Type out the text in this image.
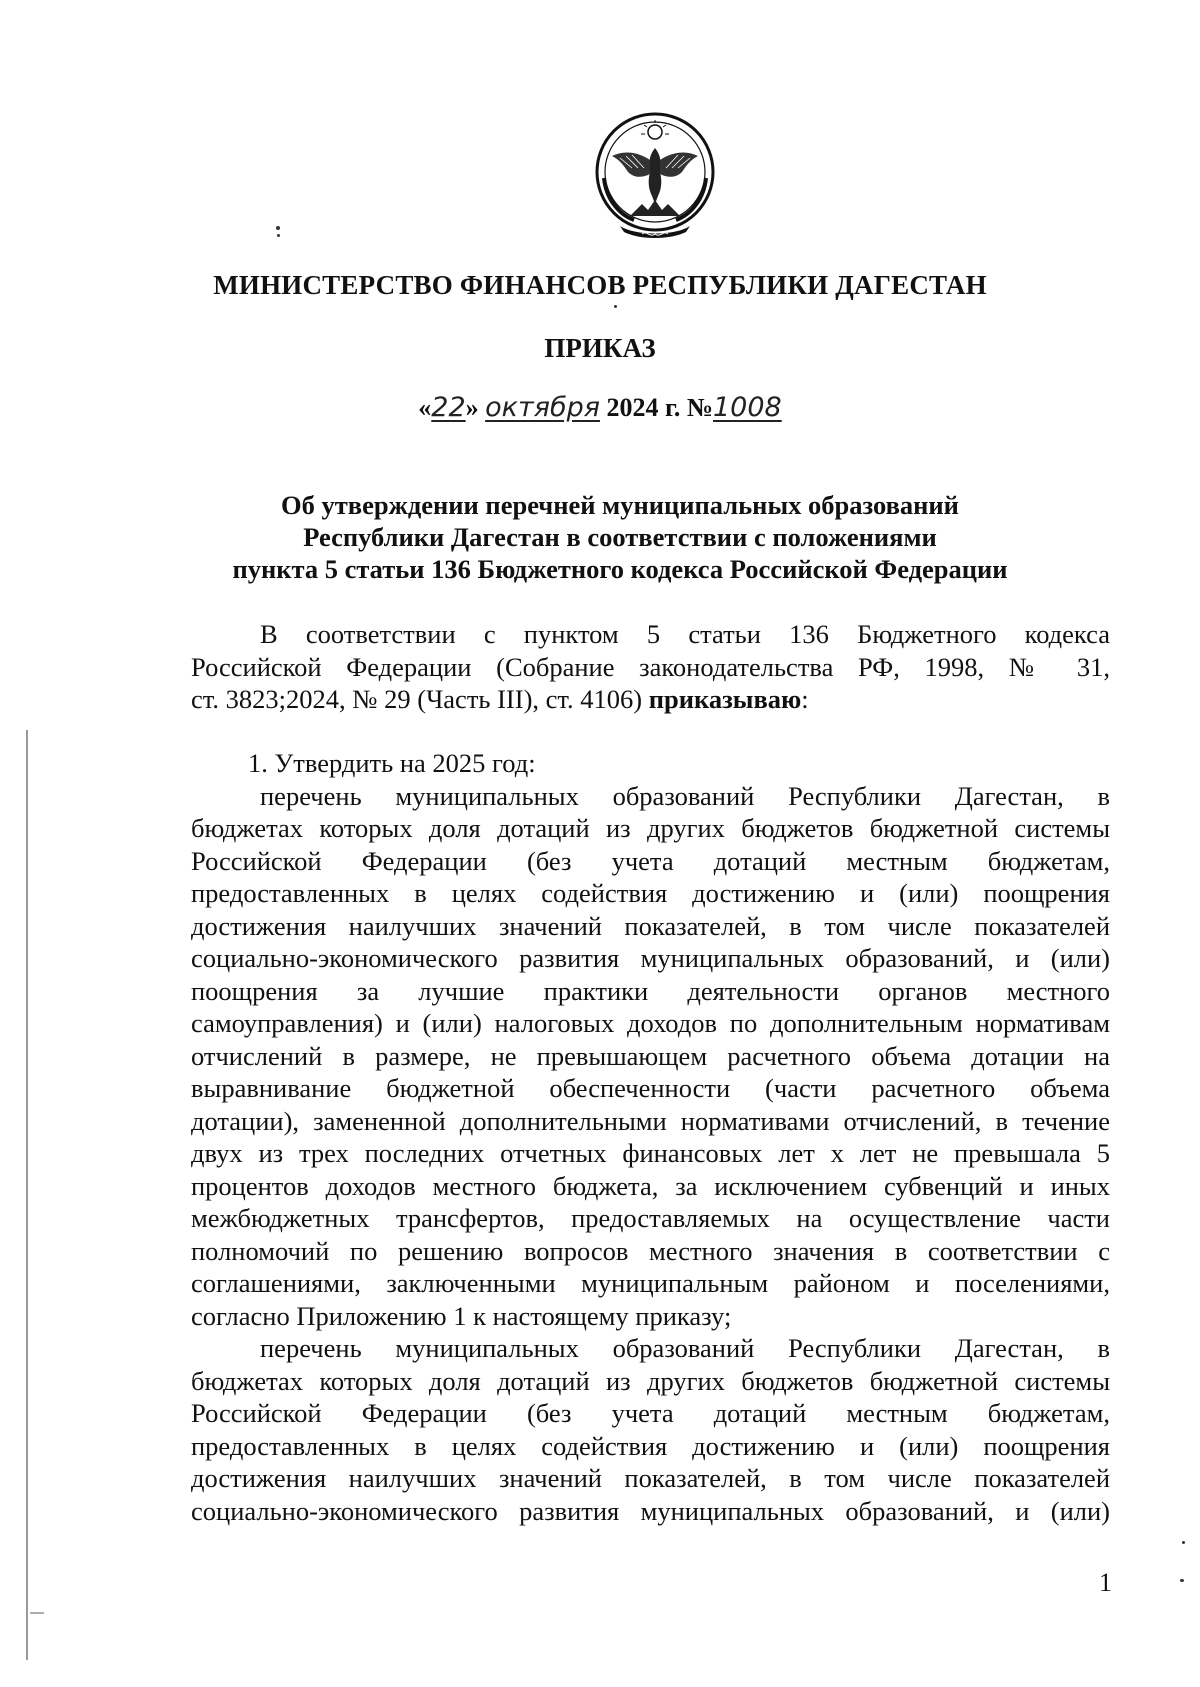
МИНИСТЕРСТВО ФИНАНСОВ РЕСПУБЛИКИ ДАГЕСТАН
ПРИКАЗ
«22» октября 2024 г. №1008
Об утверждении перечней муниципальных образований
Республики Дагестан в соответствии с положениями
пункта 5 статьи 136 Бюджетного кодекса Российской Федерации
В соответствии с пунктом 5 статьи 136 Бюджетного кодекса
Российской Федерации (Собрание законодательства РФ, 1998, № 31,
ст. 3823;2024, № 29 (Часть III), ст. 4106) приказываю:
1. Утвердить на 2025 год:
перечень муниципальных образований Республики Дагестан, в
бюджетах которых доля дотаций из других бюджетов бюджетной системы
Российской Федерации (без учета дотаций местным бюджетам,
предоставленных в целях содействия достижению и (или) поощрения
достижения наилучших значений показателей, в том числе показателей
социально-экономического развития муниципальных образований, и (или)
поощрения за лучшие практики деятельности органов местного
самоуправления) и (или) налоговых доходов по дополнительным нормативам
отчислений в размере, не превышающем расчетного объема дотации на
выравнивание бюджетной обеспеченности (части расчетного объема
дотации), замененной дополнительными нормативами отчислений, в течение
двух из трех последних отчетных финансовых лет х лет не превышала 5
процентов доходов местного бюджета, за исключением субвенций и иных
межбюджетных трансфертов, предоставляемых на осуществление части
полномочий по решению вопросов местного значения в соответствии с
соглашениями, заключенными муниципальным районом и поселениями,
согласно Приложению 1 к настоящему приказу;
перечень муниципальных образований Республики Дагестан, в
бюджетах которых доля дотаций из других бюджетов бюджетной системы
Российской Федерации (без учета дотаций местным бюджетам,
предоставленных в целях содействия достижению и (или) поощрения
достижения наилучших значений показателей, в том числе показателей
социально-экономического развития муниципальных образований, и (или)
1
